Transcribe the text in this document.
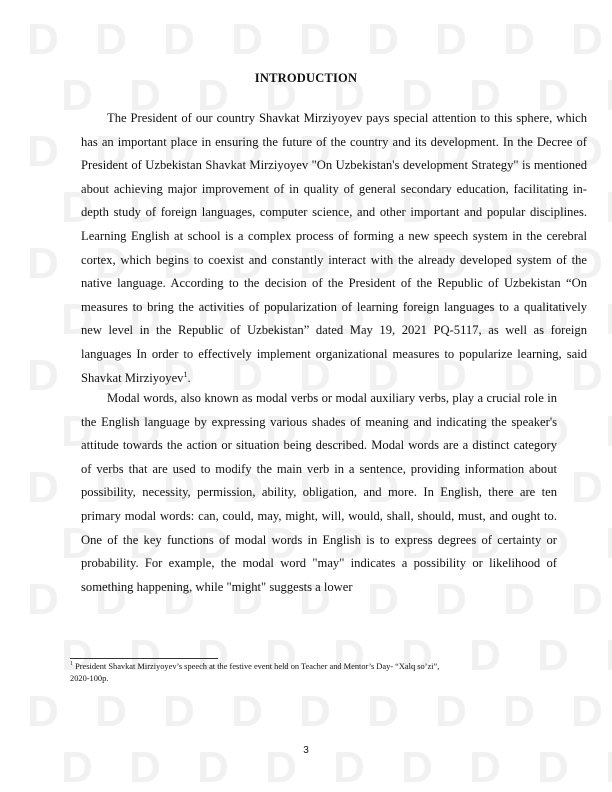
D
D
D
D
D
D
D
D
D
D
D
D
D
D
D
D
D
D
D
D
D
D
D
D
D
D
D
D
D
D
D
D
D
D
D
D
D
D
D
D
D
D
D
D
D
D
D
D
D
D
D
D
D
D
D
D
D
D
D
D
D
D
D
D
D
D
D
D
D
D
D
D
D
D
D
D
D
D
D
D
D
D
D
D
D
D
D
D
D
D
D
D
D
D
D
D
D
D
D
D
D
D
D
D
D
D
D
D
D
D
D
D
D
D
D
D
D
D
D
D
D
D
D
D
D
D
INTRODUCTION

The President of our country Shavkat Mirziyoyev pays special attention to this sphere, which has an important place in ensuring the future of the country and its development. In the Decree of President of Uzbekistan Shavkat Mirziyoyev "On Uzbekistan's development Strategy" is mentioned about achieving major improvement of in quality of general secondary education, facilitating in-depth study of foreign languages, computer science, and other important and popular disciplines. Learning English at school is a complex process of forming a new speech system in the cerebral cortex, which begins to coexist and constantly interact with the already developed system of the native language. According to the decision of the President of the Republic of Uzbekistan “On measures to bring the activities of popularization of learning foreign languages to a qualitatively new level in the Republic of Uzbekistan” dated May 19, 2021 PQ-5117, as well as foreign languages In order to effectively implement organizational measures to popularize learning, said Shavkat Mirziyoyev$^1$.

Modal words, also known as modal verbs or modal auxiliary verbs, play a crucial role in the English language by expressing various shades of meaning and indicating the speaker's attitude towards the action or situation being described. Modal words are a distinct category of verbs that are used to modify the main verb in a sentence, providing information about possibility, necessity, permission, ability, obligation, and more. In English, there are ten primary modal words: can, could, may, might, will, would, shall, should, must, and ought to. One of the key functions of modal words in English is to express degrees of certainty or probability. For example, the modal word "may" indicates a possibility or likelihood of something happening, while "might" suggests a lower

$^1$ President Shavkat Mirziyoyev’s speech at the festive event held on Teacher and Mentor’s Day- “Xalq so’zi”,
2020-100p.
3
